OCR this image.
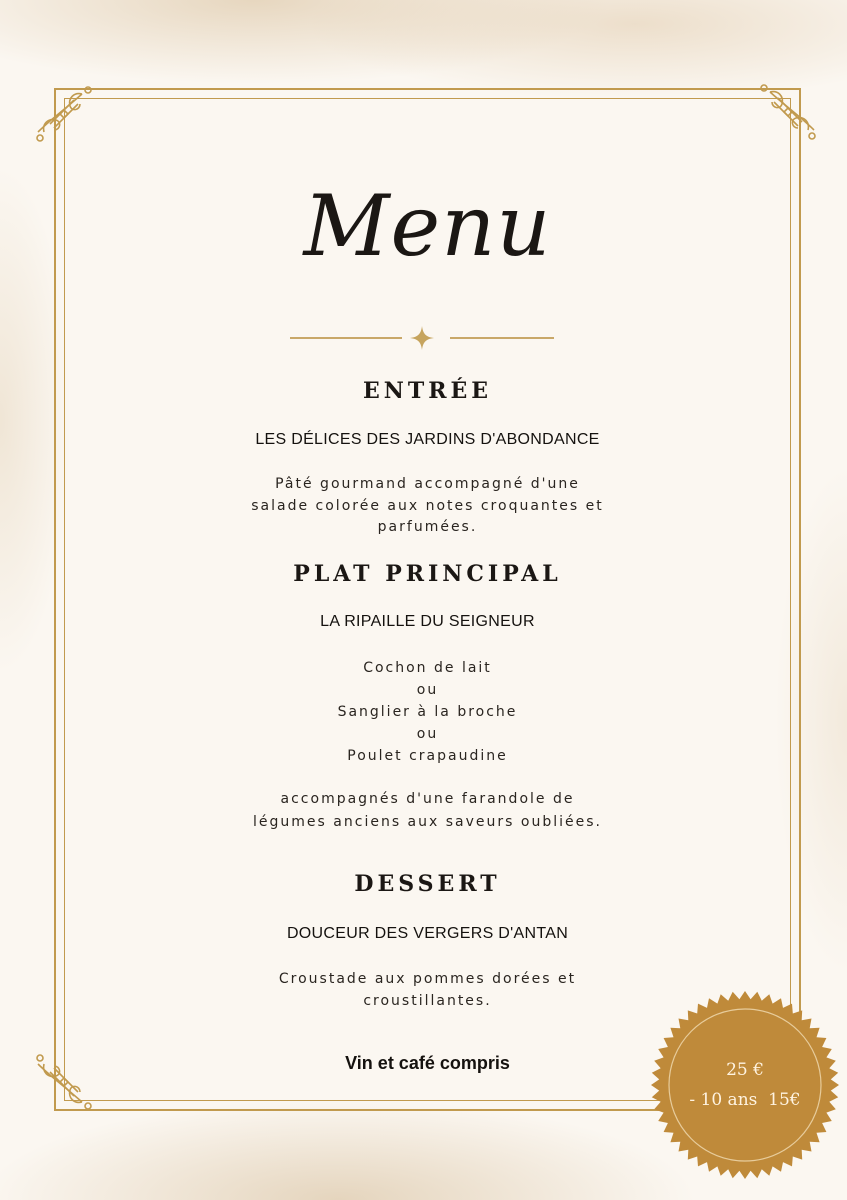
Menu
ENTRÉE
LES DÉLICES DES JARDINS D'ABONDANCE
Pâté gourmand accompagné d'une
salade colorée aux notes croquantes et
parfumées.
PLAT PRINCIPAL
LA RIPAILLE DU SEIGNEUR
Cochon de lait
ou
Sanglier à la broche
ou
Poulet crapaudine
accompagnés d'une farandole de
légumes anciens aux saveurs oubliées.
DESSERT
DOUCEUR DES VERGERS D'ANTAN
Croustade aux pommes dorées et
croustillantes.
Vin et café compris	25 €
- 10 ans  15€
